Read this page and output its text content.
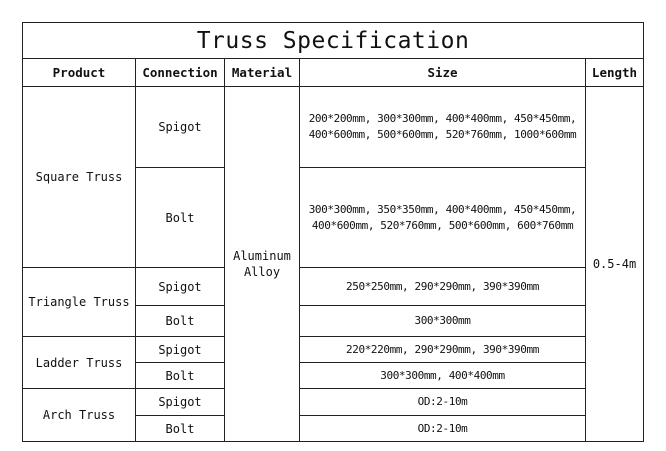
Truss Specification				
Product	Connection	Material	Size	Length
Square Truss	Spigot	Aluminum Alloy	200*200mm, 300*300mm, 400*400mm, 450*450mm,
400*600mm, 500*600mm, 520*760mm, 1000*600mm	0.5-4m
	Bolt		300*300mm, 350*350mm, 400*400mm, 450*450mm,
400*600mm, 520*760mm, 500*600mm, 600*760mm	

Triangle Truss	Spigot		250*250mm, 290*290mm, 390*390mm	
	Bolt		300*300mm	
Ladder Truss	Spigot		220*220mm, 290*290mm, 390*390mm	
	Bolt		300*300mm, 400*400mm	
Arch Truss	Spigot		OD:2-10m	
	Bolt		OD:2-10m	
